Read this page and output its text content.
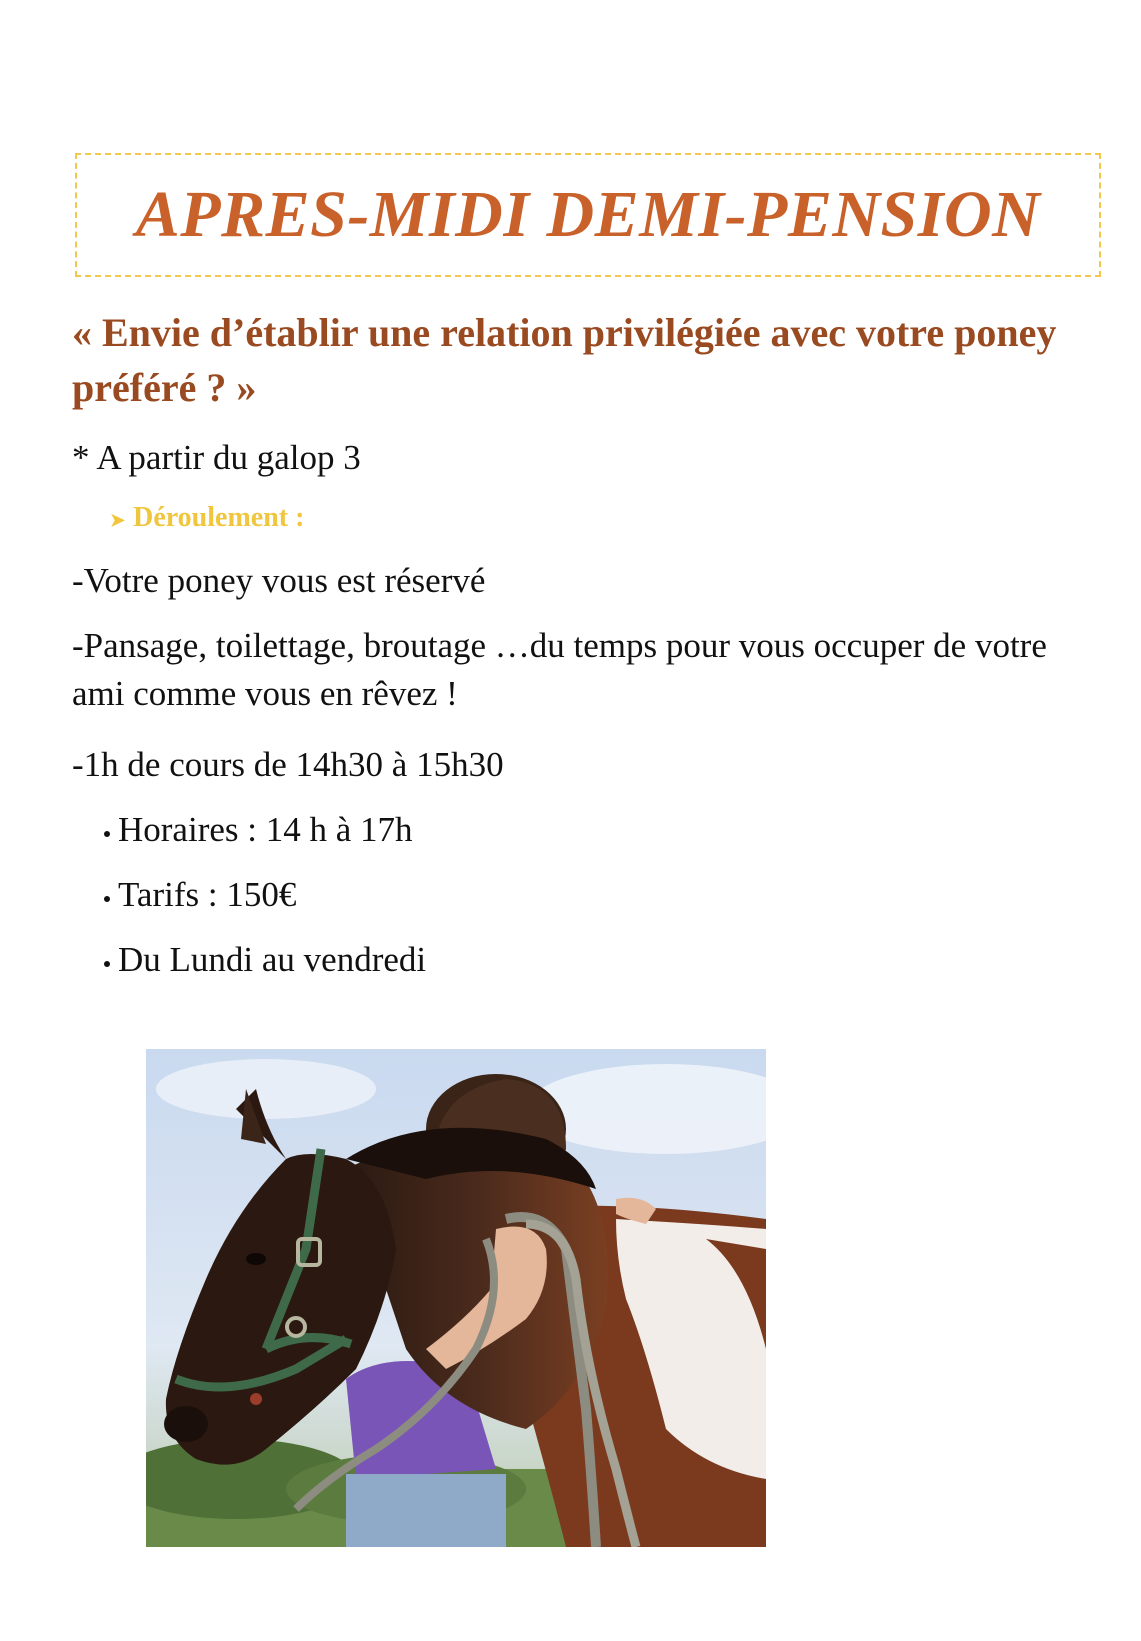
APRES-MIDI DEMI-PENSION

« Envie d’établir une relation privilégiée avec votre poney préféré ? »

* A partir du galop 3

➤ Déroulement :

-Votre poney vous est réservé

-Pansage, toilettage, broutage …du temps pour vous occuper de votre ami comme vous en rêvez !

-1h de cours de 14h30 à 15h30

Horaires : 14 h à 17h
Tarifs : 150€
Du Lundi au vendredi
